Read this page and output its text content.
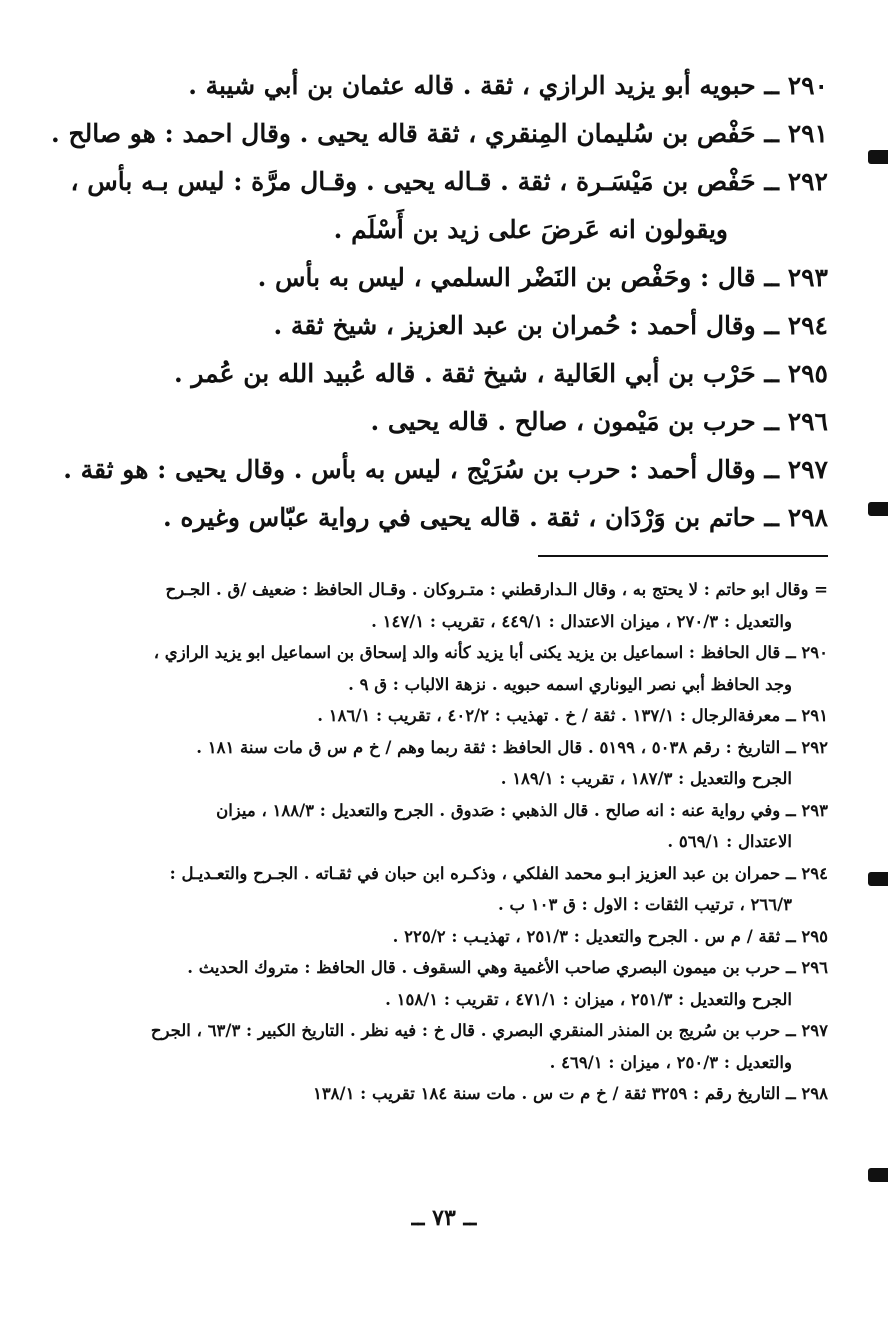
٢٩٠ ــ حبويه أبو يزيد الرازي ، ثقة . قاله عثمان بن أبي شيبة .
٢٩١ ــ حَفْص بن سُليمان المِنقري ، ثقة قاله يحيى . وقال احمد : هو صالح .
٢٩٢ ــ حَفْص بن مَيْسَـرة ، ثقة . قـاله يحيى . وقـال مرَّة : ليس بـه بأس ،
ويقولون انه عَرضَ على زيد بن أَسْلَم .
٢٩٣ ــ قال : وحَفْص بن النَضْر السلمي ، ليس به بأس .
٢٩٤ ــ وقال أحمد : حُمران بن عبد العزيز ، شيخ ثقة .
٢٩٥ ــ حَرْب بن أبي العَالية ، شيخ ثقة . قاله عُبيد الله بن عُمر .
٢٩٦ ــ حرب بن مَيْمون ، صالح . قاله يحيى .
٢٩٧ ــ وقال أحمد : حرب بن سُرَيْج ، ليس به بأس . وقال يحيى : هو ثقة .
٢٩٨ ــ حاتم بن وَرْدَان ، ثقة . قاله يحيى في رواية عبّاس وغيره .
= وقال ابو حاتم : لا يحتج به ، وقال الـدارقطني : متـروكان . وقـال الحافظ : ضعيف /ق . الجـرح
والتعديل : ٢٧٠/٣ ، ميزان الاعتدال : ٤٤٩/١ ، تقريب : ١٤٧/١ .
٢٩٠ ــ قال الحافظ : اسماعيل بن يزيد يكنى أبا يزيد كأنه والد إسحاق بن اسماعيل ابو يزيد الرازي ،
وجد الحافظ أبي نصر اليوناري اسمه حبويه . نزهة الالباب : ق ٩ .
٢٩١ ــ معرفةالرجال : ١٣٧/١ . ثقة / خ . تهذيب : ٤٠٢/٢ ، تقريب : ١٨٦/١ .
٢٩٢ ــ التاريخ : رقم ٥٠٣٨ ، ٥١٩٩ . قال الحافظ : ثقة ربما وهم / خ م س ق مات سنة ١٨١ .
الجرح والتعديل : ١٨٧/٣ ، تقريب : ١٨٩/١ .
٢٩٣ ــ وفي رواية عنه : انه صالح . قال الذهبي : صَدوق . الجرح والتعديل : ١٨٨/٣ ، ميزان
الاعتدال : ٥٦٩/١ .
٢٩٤ ــ حمران بن عبد العزيز ابـو محمد الفلكي ، وذكـره ابن حبان في ثقـاته . الجـرح والتعـديـل :
٢٦٦/٣ ، ترتيب الثقات : الاول : ق ١٠٣ ب .
٢٩٥ ــ ثقة / م س . الجرح والتعديل : ٢٥١/٣ ، تهذيـب : ٢٢٥/٢ .
٢٩٦ ــ حرب بن ميمون البصري صاحب الأغمية وهي السقوف . قال الحافظ : متروك الحديث .
الجرح والتعديل : ٢٥١/٣ ، ميزان : ٤٧١/١ ، تقريب : ١٥٨/١ .
٢٩٧ ــ حرب بن سُريج بن المنذر المنقري البصري . قال خ : فيه نظر . التاريخ الكبير : ٦٣/٣ ، الجرح
والتعديل : ٢٥٠/٣ ، ميزان : ٤٦٩/١ .
٢٩٨ ــ التاريخ رقم : ٣٢٥٩ ثقة / خ م ت س . مات سنة ١٨٤ تقريب : ١٣٨/١
ــ ٧٣ ــ
